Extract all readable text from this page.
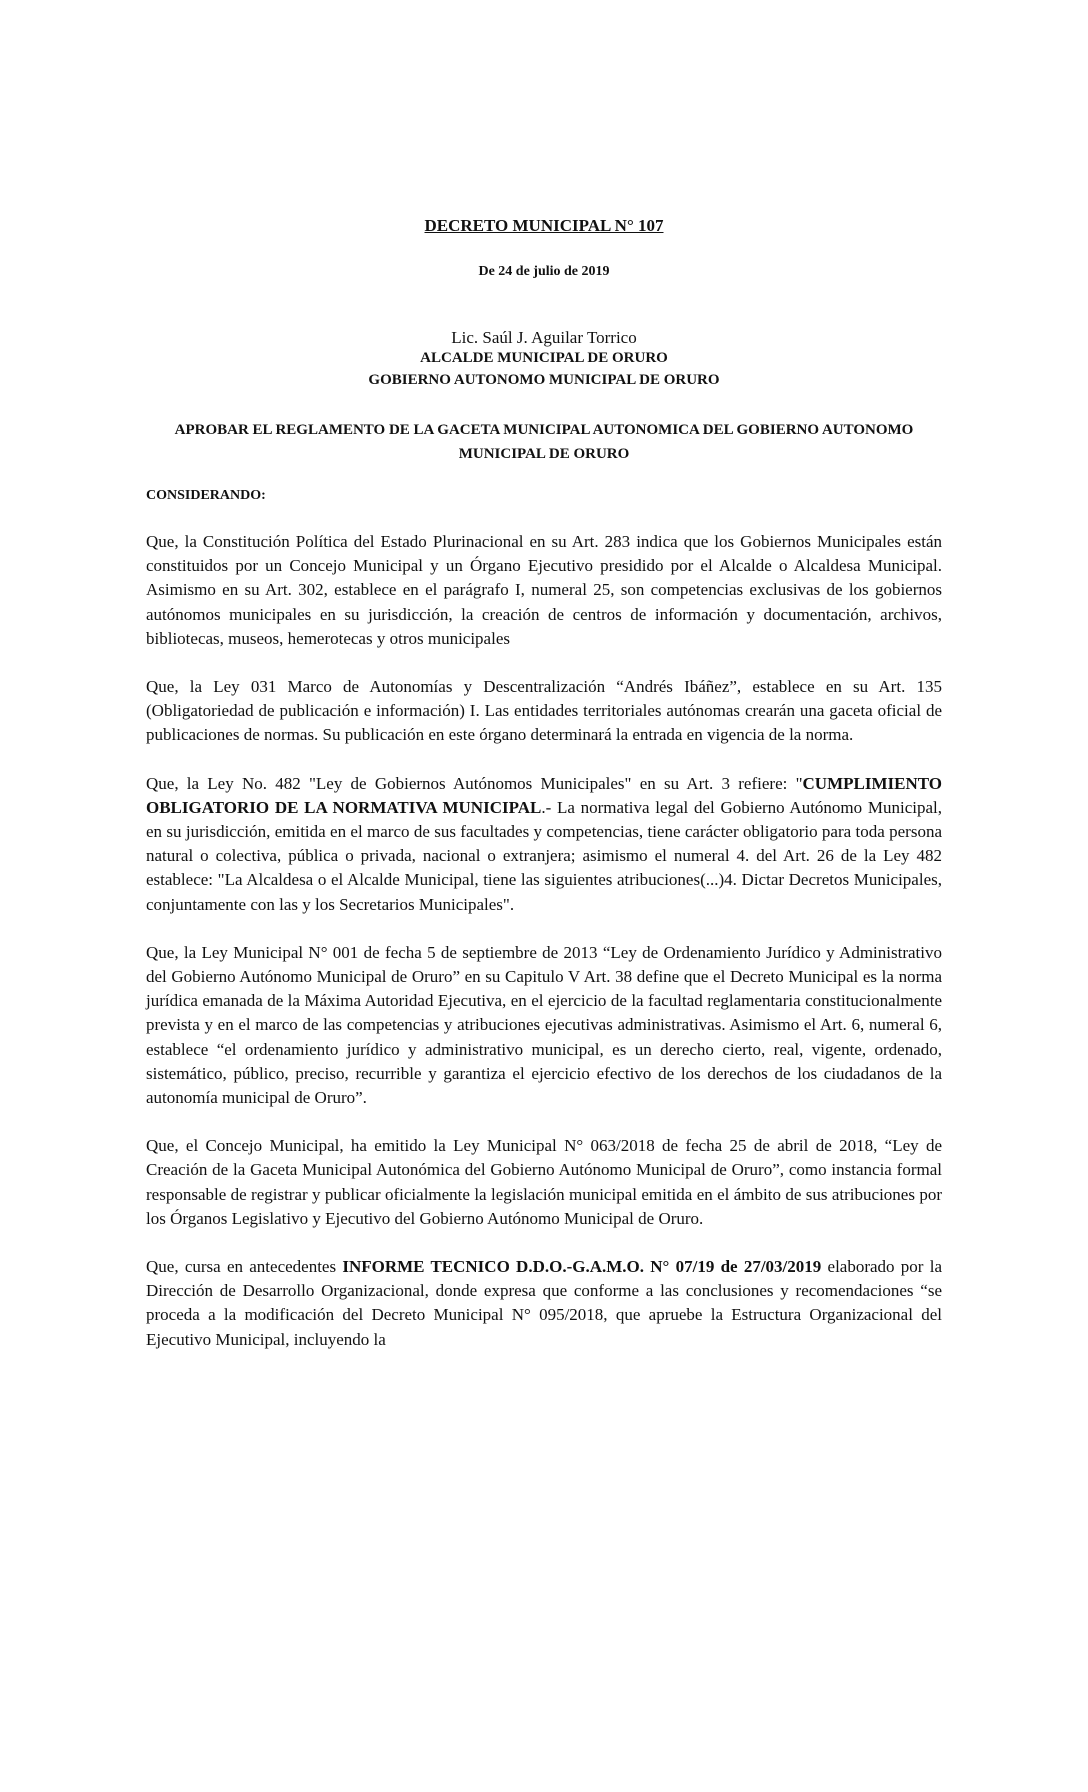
DECRETO MUNICIPAL N° 107
De 24 de julio de 2019
Lic. Saúl J. Aguilar Torrico
ALCALDE MUNICIPAL DE ORURO
GOBIERNO AUTONOMO MUNICIPAL DE ORURO
APROBAR EL REGLAMENTO DE LA GACETA MUNICIPAL AUTONOMICA DEL GOBIERNO AUTONOMO MUNICIPAL DE ORURO
CONSIDERANDO:

Que, la Constitución Política del Estado Plurinacional en su Art. 283 indica que los Gobiernos Municipales están constituidos por un Concejo Municipal y un Órgano Ejecutivo presidido por el Alcalde o Alcaldesa Municipal. Asimismo en su Art. 302, establece en el parágrafo I, numeral 25, son competencias exclusivas de los gobiernos autónomos municipales en su jurisdicción, la creación de centros de información y documentación, archivos, bibliotecas, museos, hemerotecas y otros municipales

Que, la Ley 031 Marco de Autonomías y Descentralización “Andrés Ibáñez”, establece en su Art. 135 (Obligatoriedad de publicación e información) I. Las entidades territoriales autónomas crearán una gaceta oficial de publicaciones de normas. Su publicación en este órgano determinará la entrada en vigencia de la norma.

Que, la Ley No. 482 "Ley de Gobiernos Autónomos Municipales" en su Art. 3 refiere: "CUMPLIMIENTO OBLIGATORIO DE LA NORMATIVA MUNICIPAL.- La normativa legal del Gobierno Autónomo Municipal, en su jurisdicción, emitida en el marco de sus facultades y competencias, tiene carácter obligatorio para toda persona natural o colectiva, pública o privada, nacional o extranjera; asimismo el numeral 4. del Art. 26 de la Ley 482 establece: "La Alcaldesa o el Alcalde Municipal, tiene las siguientes atribuciones(...)4. Dictar Decretos Municipales, conjuntamente con las y los Secretarios Municipales".

Que, la Ley Municipal N° 001 de fecha 5 de septiembre de 2013 “Ley de Ordenamiento Jurídico y Administrativo del Gobierno Autónomo Municipal de Oruro” en su Capitulo V Art. 38 define que el Decreto Municipal es la norma jurídica emanada de la Máxima Autoridad Ejecutiva, en el ejercicio de la facultad reglamentaria constitucionalmente prevista y en el marco de las competencias y atribuciones ejecutivas administrativas. Asimismo el Art. 6, numeral 6, establece “el ordenamiento jurídico y administrativo municipal, es un derecho cierto, real, vigente, ordenado, sistemático, público, preciso, recurrible y garantiza el ejercicio efectivo de los derechos de los ciudadanos de la autonomía municipal de Oruro”.

Que, el Concejo Municipal, ha emitido la Ley Municipal N° 063/2018 de fecha 25 de abril de 2018, “Ley de Creación de la Gaceta Municipal Autonómica del Gobierno Autónomo Municipal de Oruro”, como instancia formal responsable de registrar y publicar oficialmente la legislación municipal emitida en el ámbito de sus atribuciones por los Órganos Legislativo y Ejecutivo del Gobierno Autónomo Municipal de Oruro.

Que, cursa en antecedentes INFORME TECNICO D.D.O.-G.A.M.O. N° 07/19 de 27/03/2019 elaborado por la Dirección de Desarrollo Organizacional, donde expresa que conforme a las conclusiones y recomendaciones “se proceda a la modificación del Decreto Municipal N° 095/2018, que apruebe la Estructura Organizacional del Ejecutivo Municipal, incluyendo la
